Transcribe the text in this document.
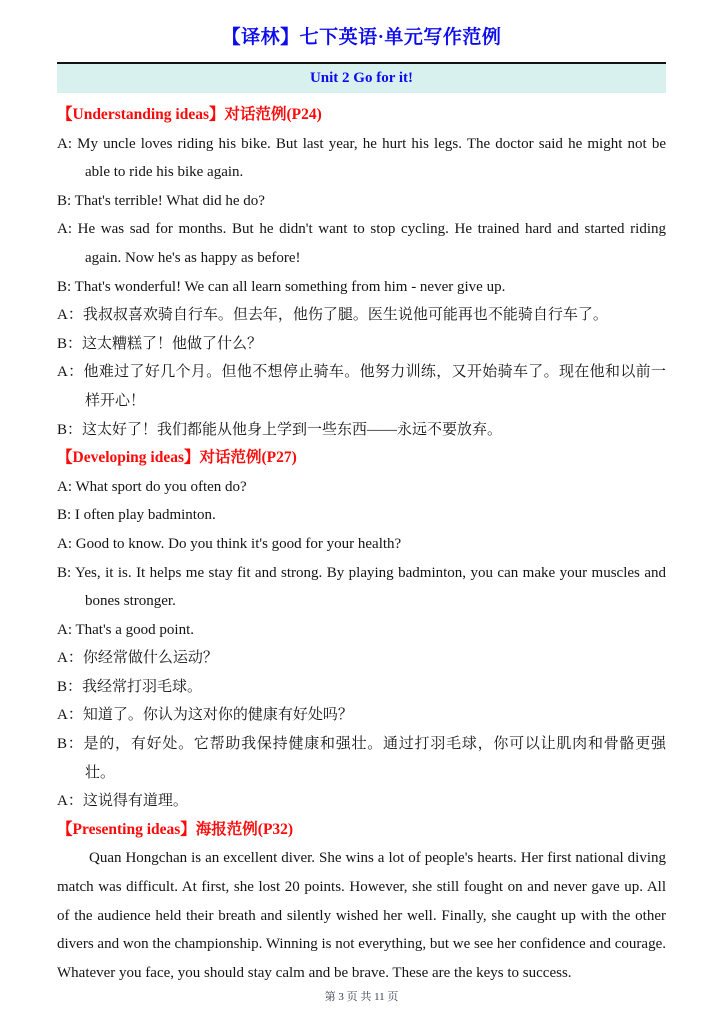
【译林】七下英语·单元写作范例
Unit 2 Go for it!
【Understanding ideas】对话范例(P24)

A: My uncle loves riding his bike. But last year, he hurt his legs. The doctor said he might not be able to ride his bike again.

B: That's terrible! What did he do?

A: He was sad for months. But he didn't want to stop cycling. He trained hard and started riding again. Now he's as happy as before!

B: That's wonderful! We can all learn something from him - never give up.

A：我叔叔喜欢骑自行车。但去年，他伤了腿。医生说他可能再也不能骑自行车了。

B：这太糟糕了！他做了什么？

A：他难过了好几个月。但他不想停止骑车。他努力训练，又开始骑车了。现在他和以前一样开心！

B：这太好了！我们都能从他身上学到一些东西——永远不要放弃。

【Developing ideas】对话范例(P27)

A: What sport do you often do?

B: I often play badminton.

A: Good to know. Do you think it's good for your health?

B: Yes, it is. It helps me stay fit and strong. By playing badminton, you can make your muscles and bones stronger.

A: That's a good point.

A：你经常做什么运动？

B：我经常打羽毛球。

A：知道了。你认为这对你的健康有好处吗？

B：是的，有好处。它帮助我保持健康和强壮。通过打羽毛球，你可以让肌肉和骨骼更强壮。

A：这说得有道理。

【Presenting ideas】海报范例(P32)

Quan Hongchan is an excellent diver. She wins a lot of people's hearts. Her first national diving match was difficult. At first, she lost 20 points. However, she still fought on and never gave up. All of the audience held their breath and silently wished her well. Finally, she caught up with the other divers and won the championship. Winning is not everything, but we see her confidence and courage. Whatever you face, you should stay calm and be brave. These are the keys to success.

第 3 页 共 11 页
